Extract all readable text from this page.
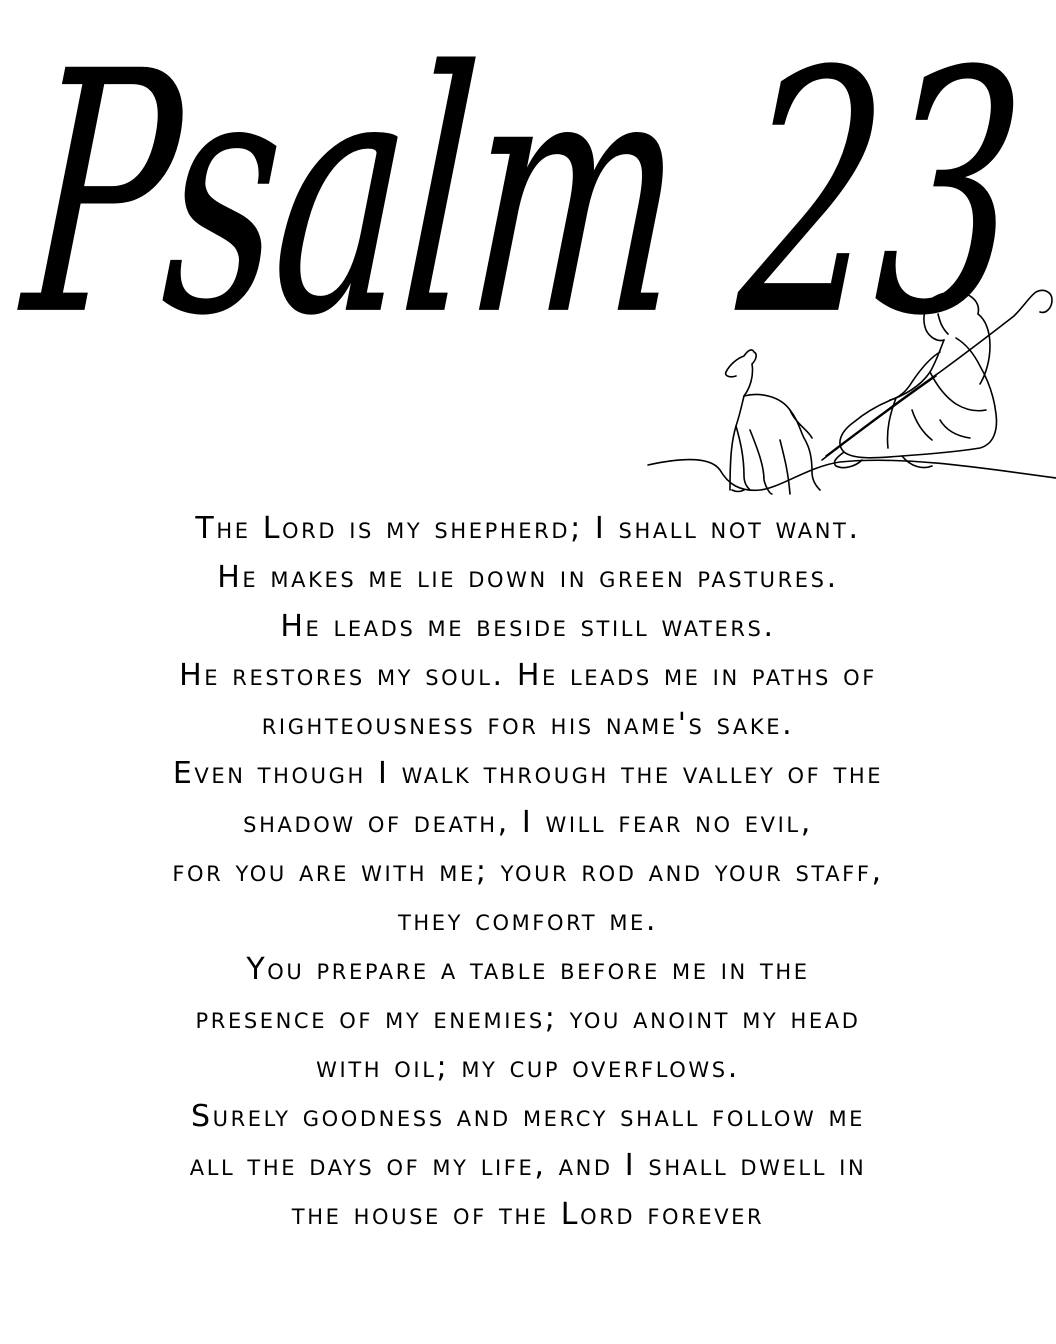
Psalm 23
The Lord is my shepherd; I shall not want.
He makes me lie down in green pastures.
He leads me beside still waters.
He restores my soul. He leads me in paths of
righteousness for his name's sake.
Even though I walk through the valley of the
shadow of death, I will fear no evil,
for you are with me; your rod and your staff,
they comfort me.
You prepare a table before me in the
presence of my enemies; you anoint my head
with oil; my cup overflows.
Surely goodness and mercy shall follow me
all the days of my life, and I shall dwell in
the house of the Lord forever
